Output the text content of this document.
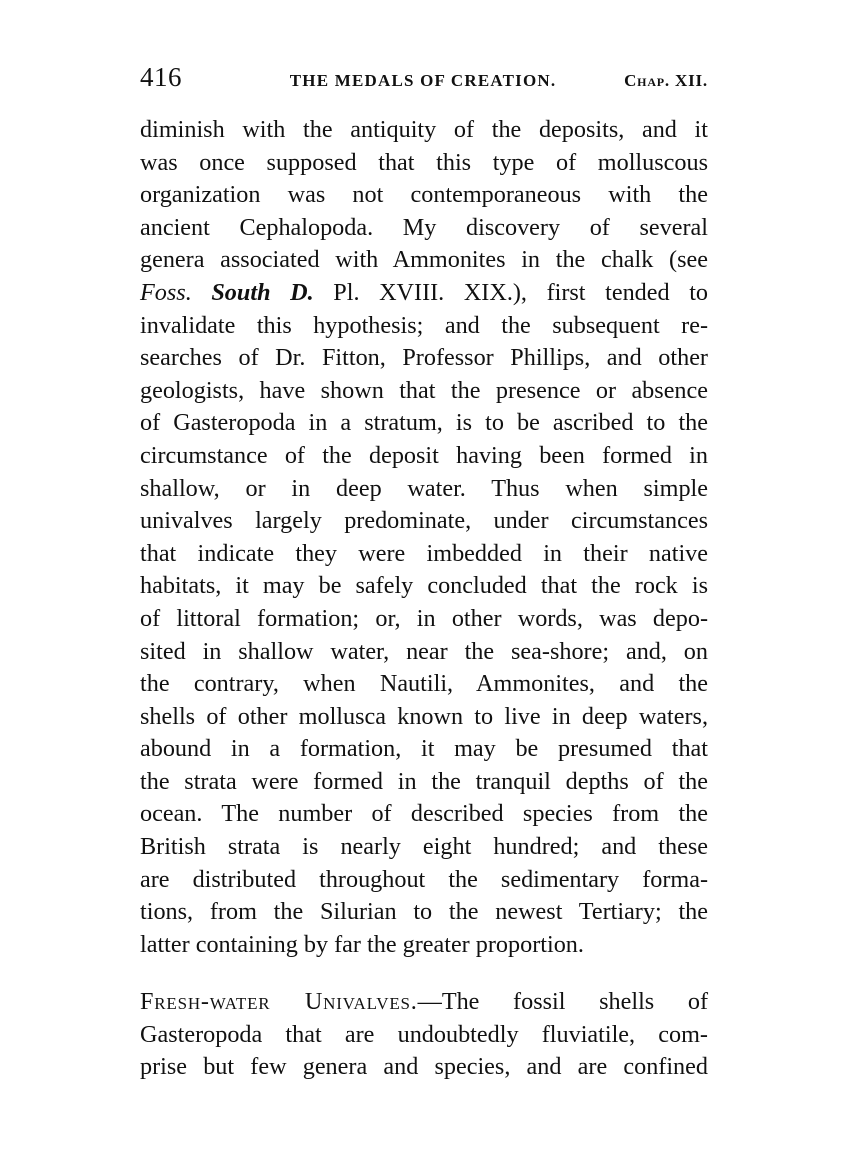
416	THE MEDALS OF CREATION.	Chap. XII.
diminish with the antiquity of the deposits, and it
was once supposed that this type of molluscous
organization was not contemporaneous with the
ancient Cephalopoda. My discovery of several
genera associated with Ammonites in the chalk (see
Foss. South D. Pl. XVIII. XIX.), first tended to
invalidate this hypothesis; and the subsequent re-
searches of Dr. Fitton, Professor Phillips, and other
geologists, have shown that the presence or absence
of Gasteropoda in a stratum, is to be ascribed to the
circumstance of the deposit having been formed in
shallow, or in deep water. Thus when simple
univalves largely predominate, under circumstances
that indicate they were imbedded in their native
habitats, it may be safely concluded that the rock is
of littoral formation; or, in other words, was depo-
sited in shallow water, near the sea-shore; and, on
the contrary, when Nautili, Ammonites, and the
shells of other mollusca known to live in deep waters,
abound in a formation, it may be presumed that
the strata were formed in the tranquil depths of the
ocean. The number of described species from the
British strata is nearly eight hundred; and these
are distributed throughout the sedimentary forma-
tions, from the Silurian to the newest Tertiary; the
latter containing by far the greater proportion.
Fresh-water Univalves.—The fossil shells of
Gasteropoda that are undoubtedly fluviatile, com-
prise but few genera and species, and are confined
